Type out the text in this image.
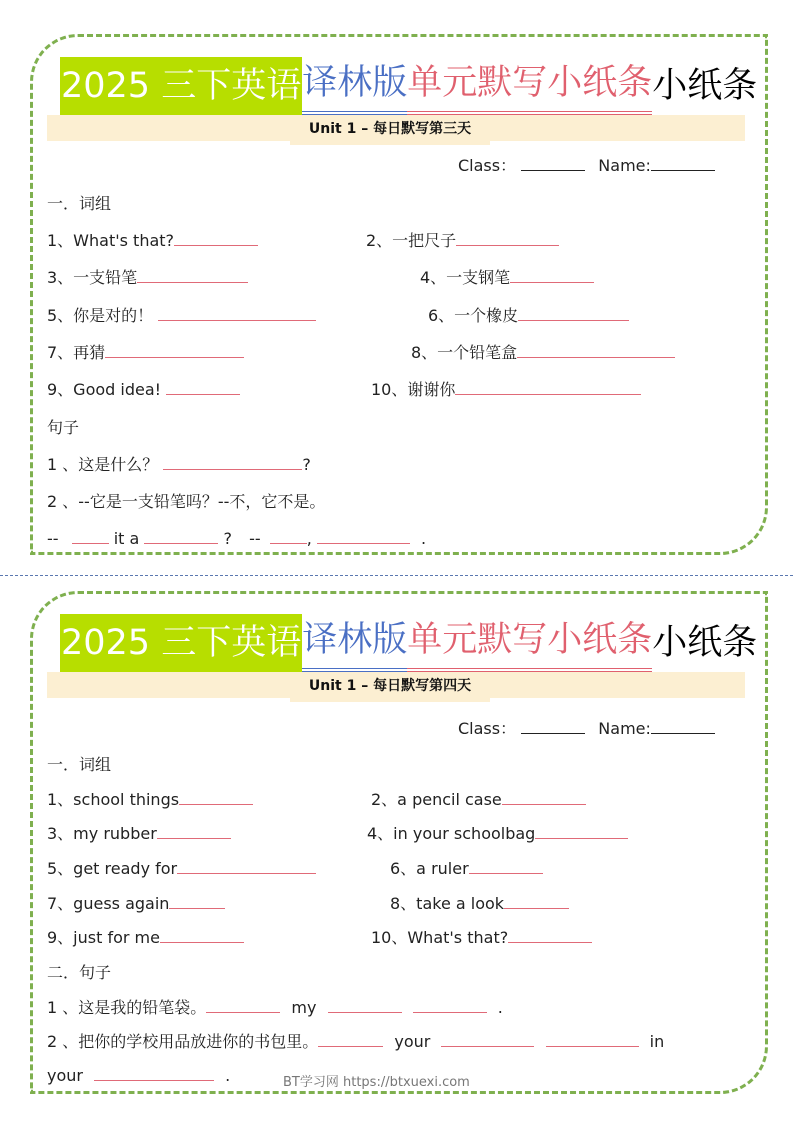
2025 三下英语 译林版 单元默写小纸条 小纸条
Unit 1 – 每日默写第三天
Class：	Name:
一．词组
1、What's that?	2、一把尺子
3、一支铅笔	4、一支钢笔
5、你是对的！	6、一个橡皮
7、再猜	8、一个铅笔盒
9、Good idea!	10、谢谢你
句子
1 、这是什么？	?
2 、--它是一支铅笔吗？--不，它不是。
--	it a	? --	,	.
2025 三下英语 译林版 单元默写小纸条 小纸条
Unit 1 – 每日默写第四天
Class：	Name:
一．词组
1、school things	2、a pencil case
3、my rubber	4、in your schoolbag
5、get ready for	6、a ruler
7、guess again	8、take a look
9、just for me	10、What's that?
二．句子
1 、这是我的铅笔袋。	my	.
2 、把你的学校用品放进你的书包里。	your	in
your	.	BT学习网 https://btxuexi.com
